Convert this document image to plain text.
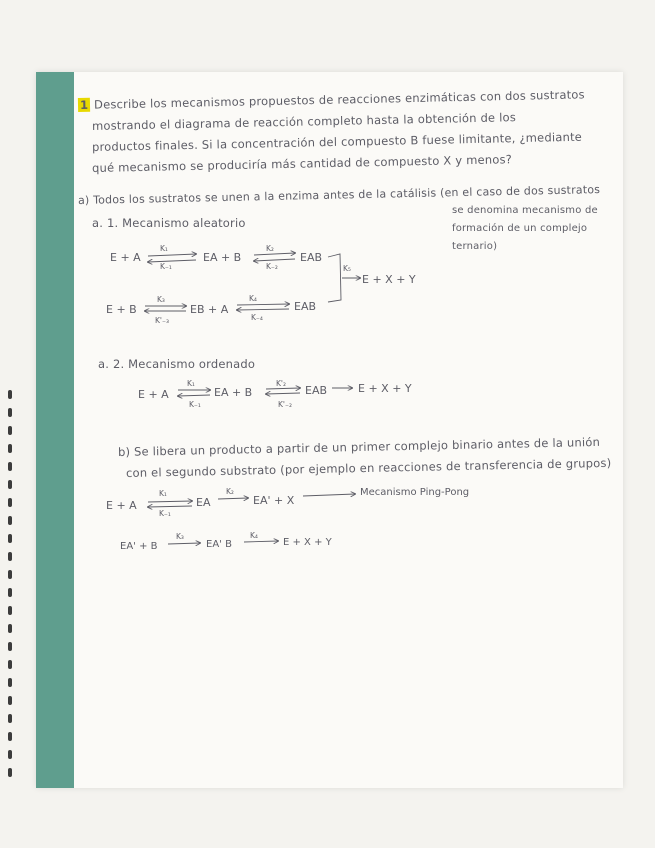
1 Describe los mecanismos propuestos de reacciones enzimáticas con dos sustratos
mostrando el diagrama de reacción completo hasta la obtención de los
productos finales. Si la concentración del compuesto B fuese limitante, ¿mediante
qué mecanismo se produciría más cantidad de compuesto X y menos?
a) Todos los sustratos se unen a la enzima antes de la catálisis (en el caso de dos sustratos
se denomina mecanismo de
formación de un complejo
ternario)
a. 1. Mecanismo aleatorio
E + A
K₁
K₋₁
EA + B
K₂
K₋₂
EAB
K₅
E + X + Y
E + B
K₃
K'₋₃
EB + A
K₄
K₋₄
EAB
a. 2. Mecanismo ordenado
E + A
K₁
K₋₁
EA + B
K'₂
K'₋₂
EAB	E + X + Y
b) Se libera un producto a partir de un primer complejo binario antes de la unión
con el segundo substrato (por ejemplo en reacciones de transferencia de grupos)
E + A
K₁
K₋₁
EA
K₂
EA' + X
Mecanismo Ping-Pong
EA' + B
K₃
EA' B
K₄
E + X + Y
